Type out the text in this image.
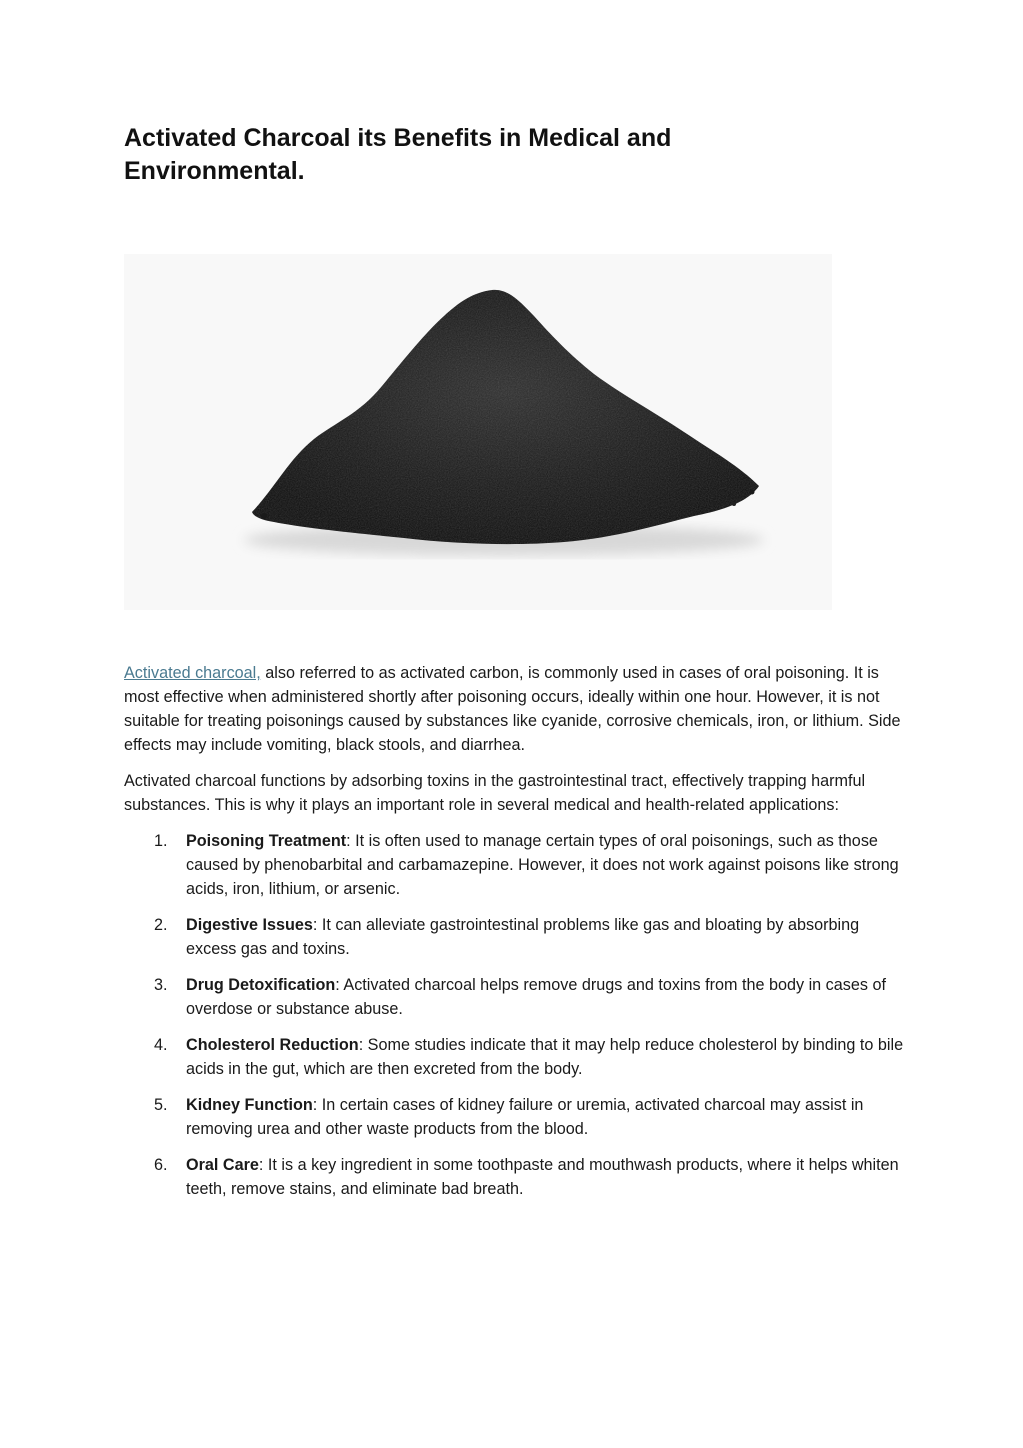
Activated Charcoal its Benefits in Medical and Environmental.

Activated charcoal, also referred to as activated carbon, is commonly used in cases of oral poisoning. It is most effective when administered shortly after poisoning occurs, ideally within one hour. However, it is not suitable for treating poisonings caused by substances like cyanide, corrosive chemicals, iron, or lithium. Side effects may include vomiting, black stools, and diarrhea.

Activated charcoal functions by adsorbing toxins in the gastrointestinal tract, effectively trapping harmful substances. This is why it plays an important role in several medical and health-related applications:

1. Poisoning Treatment: It is often used to manage certain types of oral poisonings, such as those caused by phenobarbital and carbamazepine. However, it does not work against poisons like strong acids, iron, lithium, or arsenic.
2. Digestive Issues: It can alleviate gastrointestinal problems like gas and bloating by absorbing excess gas and toxins.
3. Drug Detoxification: Activated charcoal helps remove drugs and toxins from the body in cases of overdose or substance abuse.
4. Cholesterol Reduction: Some studies indicate that it may help reduce cholesterol by binding to bile acids in the gut, which are then excreted from the body.
5. Kidney Function: In certain cases of kidney failure or uremia, activated charcoal may assist in removing urea and other waste products from the blood.
6. Oral Care: It is a key ingredient in some toothpaste and mouthwash products, where it helps whiten teeth, remove stains, and eliminate bad breath.
